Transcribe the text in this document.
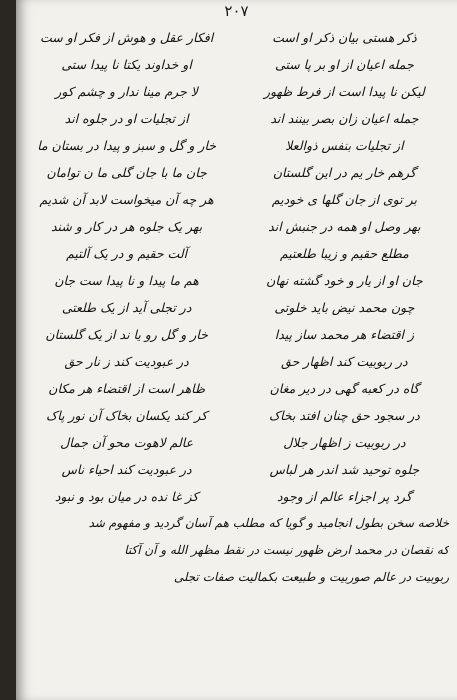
۲۰۷
ذکر هستی بیان ذکر او است
افکار عقل و هوش از فکر او ست
جمله اعیان از او بر پا ستی
او خداوند یکتا نا پیدا ستی
لیکن نا پیدا است از فرط ظهور
لا جرم مینا ندار و چشم کور
جمله اعیان زان بصر بینند اند
از تجلیات او در جلوه اند
از تجلیات بنفس ذوالعلا
خار و گل و سبز و پیدا در بستان ما
گرهم خار یم در این گلستان
جان ما با جان گلی ما ن توامان
بر توی از جان گلها ی خودیم
هر چه آن میخواست لابد آن شدیم
بهر وصل او همه در جنبش اند
بهر یک جلوه هر در کار و شند
مطلع حقیم و زیبا طلعتیم
آلت حقیم و در یک آلتیم
جان او از یار و خود گشته نهان
هم ما پیدا و نا پیدا ست جان
چون محمد نیض باید خلوتی
در تجلی آید از یک طلعتی
ز اقتضاء هر محمد ساز پیدا
خار و گل رو یا ند از یک گلستان
در ربوبیت کند اظهار حق
در عبودیت کند ز نار حق
گاه در کعبه گهی در دیر مغان
ظاهر است از اقتضاء هر مکان
در سجود حق چنان افتد بخاک
کر کند یکسان بخاک آن نور پاک
در ربوبیت ز اظهار جلال
عالم لاهوت محو آن جمال
جلوه توحید شد اندر هر لباس
در عبودیت کند احیاء ناس
گرد پر اجزاء عالم از وجود
کز غا نده در میان بود و نبود
خلاصه سخن بطول انجامید و گویا که مطلب هم آسان گردید و مفهوم شد
که نقصان در محمد ارض ظهور نیست در نقط مظهر الله و آن آکتا
ربوبیت در عالم صوربیت و طبیعت بکمالیت صفات تجلی
